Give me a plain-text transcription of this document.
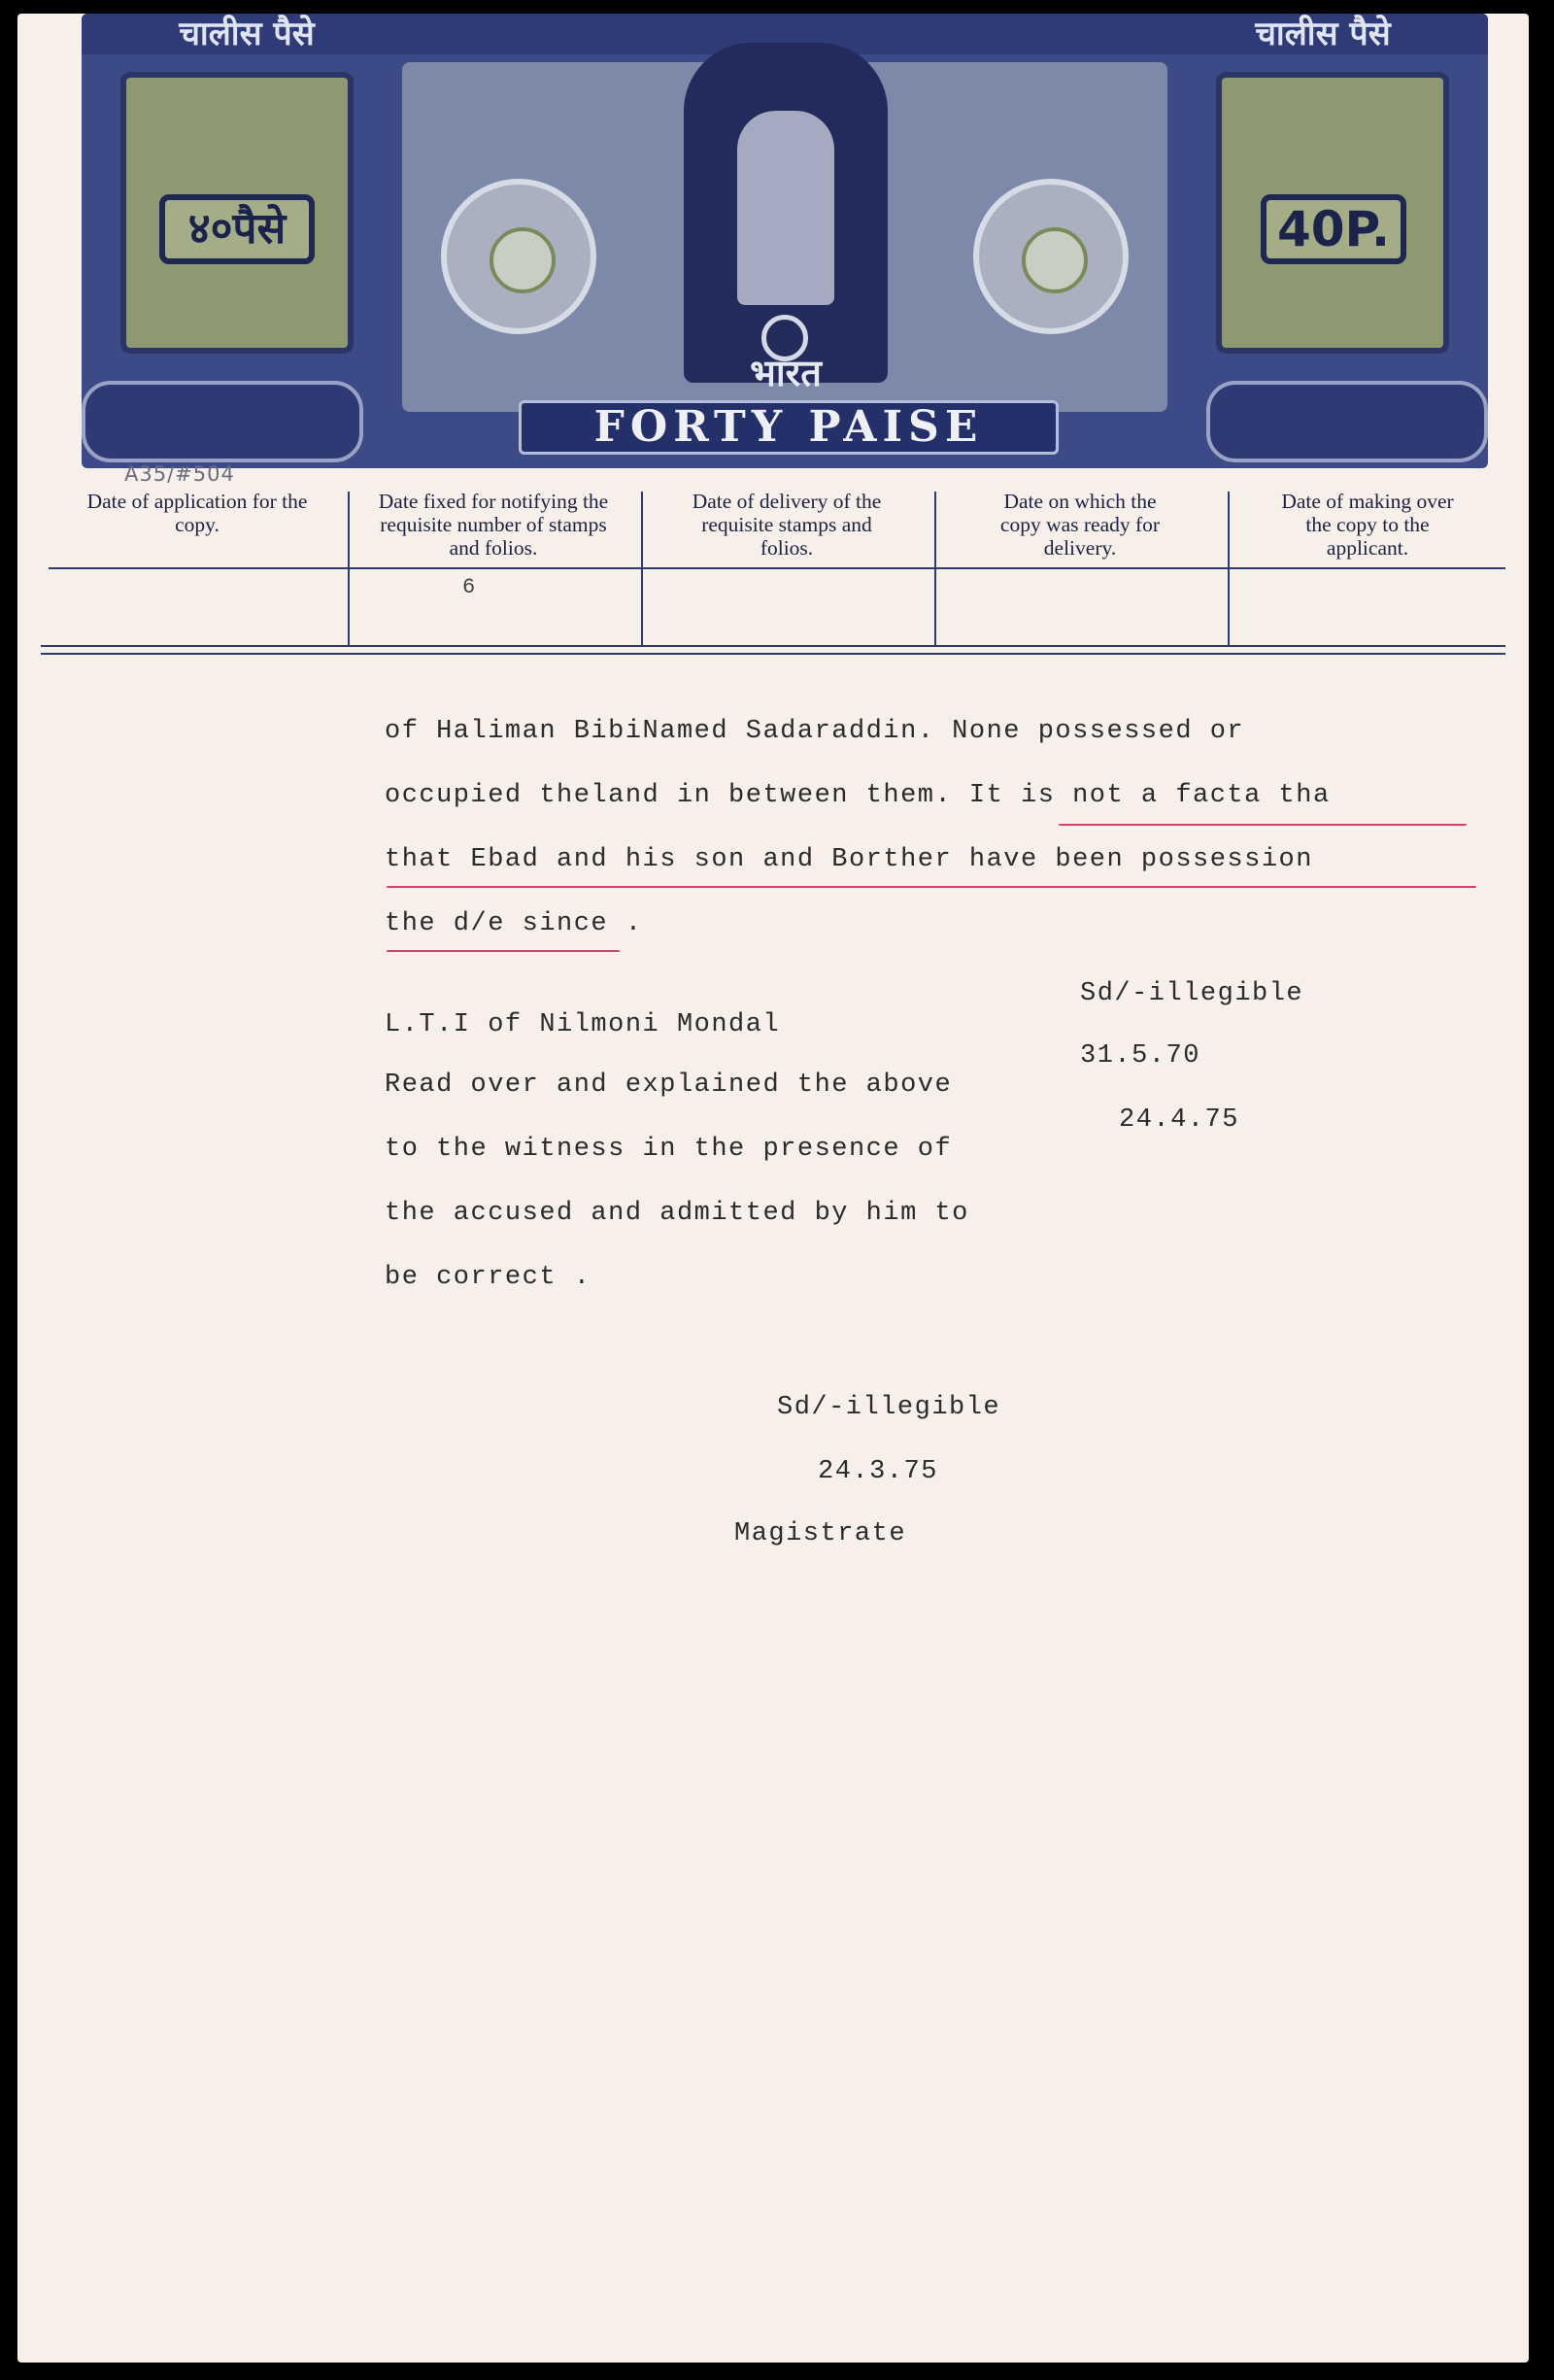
चालीस पैसे	चालीस पैसे
४०पैसे	40P.
भारत
FORTY PAISE
A35/#504
Date of application for the copy.
Date fixed for notifying the requisite number of stamps and folios.
6
Date of delivery of the requisite stamps and folios.
Date on which the copy was ready for delivery.
Date of making over the copy to the applicant.
of Haliman BibiNamed Sadaraddin. None possessed or
occupied theland in between them. It is not a facta tha
that Ebad and his son and Borther have been possession
the d/e since .
L.T.I of Nilmoni Mondal
Read over and explained the above
to the witness in the presence of
the accused and admitted by him to
be correct .
Sd/-illegible
31.5.70
24.4.75
Sd/-illegible
24.3.75
Magistrate
